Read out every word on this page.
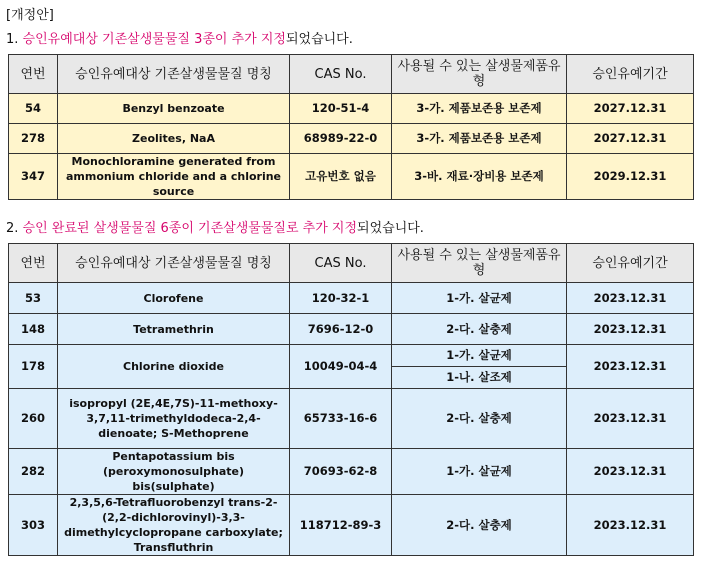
[개정안]
1. 승인유예대상 기존살생물물질 3종이 추가 지정되었습니다.
연번	승인유예대상 기존살생물물질 명칭	CAS No.	사용될 수 있는 살생물제품유형	승인유예기간
54	Benzyl benzoate	120-51-4	3-가. 제품보존용 보존제	2027.12.31
278	Zeolites, NaA	68989-22-0	3-가. 제품보존용 보존제	2027.12.31
347	Monochloramine generated from ammonium chloride and a chlorine source	고유번호 없음	3-바. 재료·장비용 보존제	2029.12.31
2. 승인 완료된 살생물물질 6종이 기존살생물물질로 추가 지정되었습니다.
연번	승인유예대상 기존살생물물질 명칭	CAS No.	사용될 수 있는 살생물제품유형	승인유예기간
53	Clorofene	120-32-1	1-가. 살균제	2023.12.31
148	Tetramethrin	7696-12-0	2-다. 살충제	2023.12.31
178	Chlorine dioxide	10049-04-4	1-가. 살균제	2023.12.31
			1-나. 살조제	
260	isopropyl (2E,4E,7S)-11-methoxy-3,7,11-trimethyldodeca-2,4-dienoate; S-Methoprene	65733-16-6	2-다. 살충제	2023.12.31
282	Pentapotassium bis (peroxymonosulphate) bis(sulphate)	70693-62-8	1-가. 살균제	2023.12.31
303	2,3,5,6-Tetrafluorobenzyl trans-2-(2,2-dichlorovinyl)-3,3-dimethylcyclopropane carboxylate; Transfluthrin	118712-89-3	2-다. 살충제	2023.12.31
